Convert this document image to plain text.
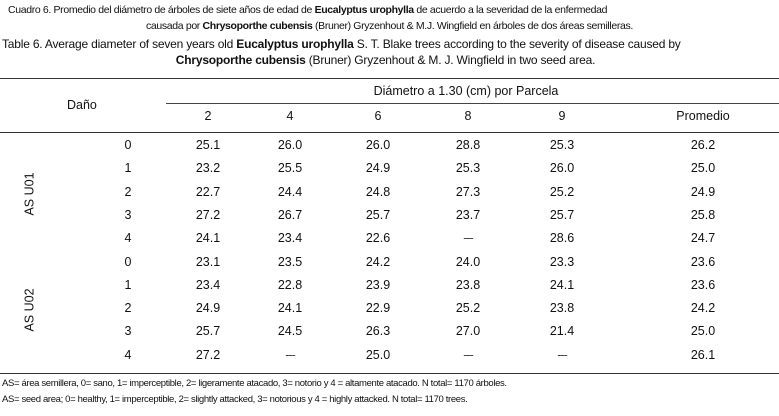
Cuadro 6. Promedio del diámetro de árboles de siete años de edad de Eucalyptus urophylla de acuerdo a la severidad de la enfermedad
causada por Chrysoporthe cubensis (Bruner) Gryzenhout & M.J. Wingfield en árboles de dos áreas semilleras.
Table 6. Average diameter of seven years old Eucalyptus urophylla S. T. Blake trees according to the severity of disease caused by
Chrysoporthe cubensis (Bruner) Gryzenhout & M. J. Wingfield in two seed area.
Daño
Diámetro a 1.30 (cm) por Parcela
2	4	6	8	9	Promedio
0	25.1	26.0	26.0	28.8	25.3	26.2
1	23.2	25.5	24.9	25.3	26.0	25.0
2	22.7	24.4	24.8	27.3	25.2	24.9
3	27.2	26.7	25.7	23.7	25.7	25.8
4	24.1	23.4	22.6	---	28.6	24.7
AS U01
0	23.1	23.5	24.2	24.0	23.3	23.6
1	23.4	22.8	23.9	23.8	24.1	23.6
2	24.9	24.1	22.9	25.2	23.8	24.2
3	25.7	24.5	26.3	27.0	21.4	25.0
4	27.2	---	25.0	---	---	26.1
AS U02
AS= área semillera, 0= sano, 1= imperceptible, 2= ligeramente atacado, 3= notorio y 4 = altamente atacado. N total= 1170 árboles.
AS= seed area; 0= healthy, 1= imperceptible, 2= slightly attacked, 3= notorious y 4 = highly attacked. N total= 1170 trees.
